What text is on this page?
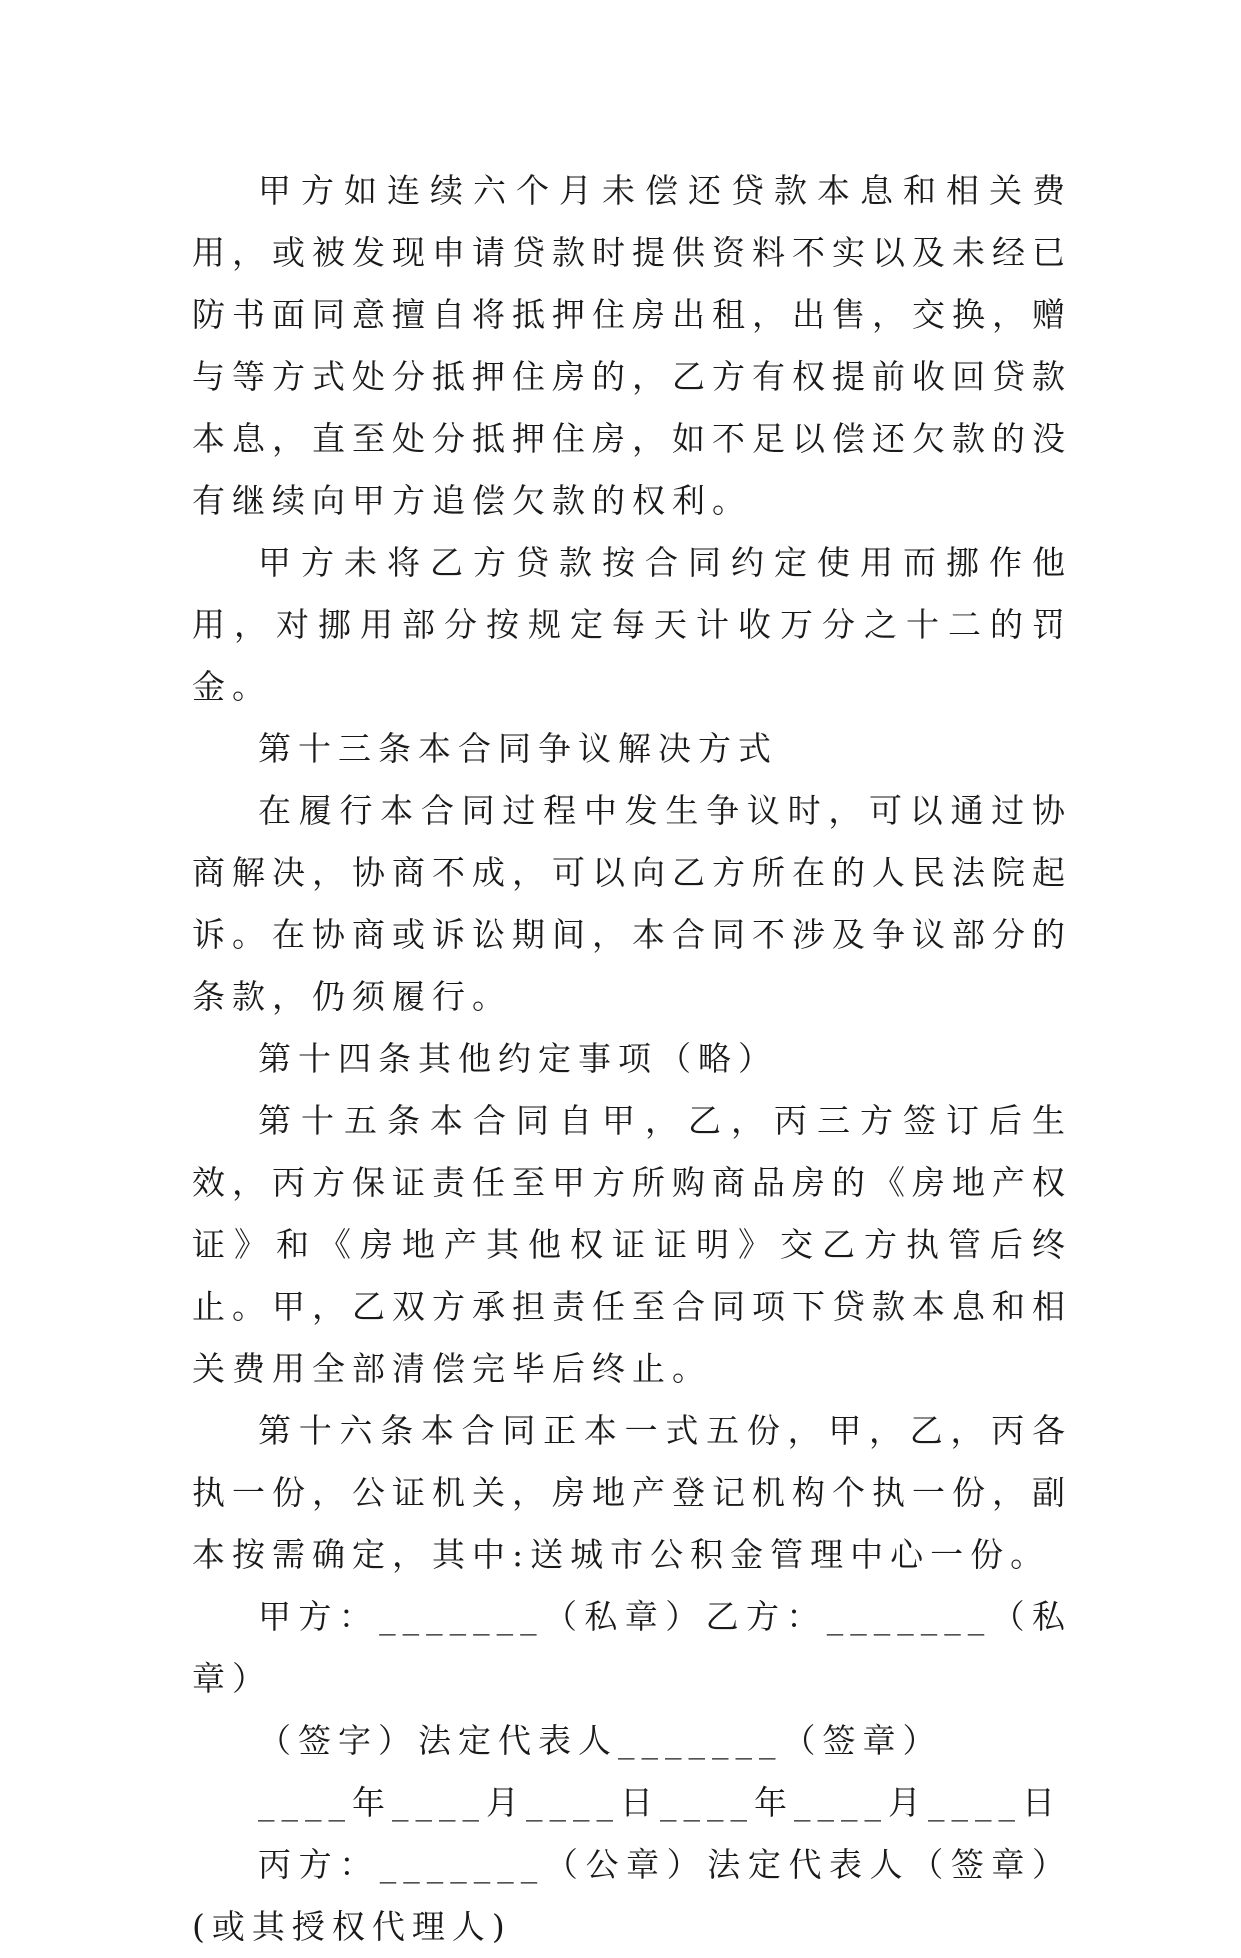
甲方如连续六个月未偿还贷款本息和相关费用，或被发现申请贷款时提供资料不实以及未经已防书面同意擅自将抵押住房出租，出售，交换，赠与等方式处分抵押住房的，乙方有权提前收回贷款本息，直至处分抵押住房，如不足以偿还欠款的没有继续向甲方追偿欠款的权利。

甲方未将乙方贷款按合同约定使用而挪作他用，对挪用部分按规定每天计收万分之十二的罚金。

第十三条本合同争议解决方式

在履行本合同过程中发生争议时，可以通过协商解决，协商不成，可以向乙方所在的人民法院起诉。在协商或诉讼期间，本合同不涉及争议部分的条款，仍须履行。

第十四条其他约定事项（略）

第十五条本合同自甲，乙，丙三方签订后生效，丙方保证责任至甲方所购商品房的《房地产权证》和《房地产其他权证证明》交乙方执管后终止。甲，乙双方承担责任至合同项下贷款本息和相关费用全部清偿完毕后终止。

第十六条本合同正本一式五份，甲，乙，丙各执一份，公证机关，房地产登记机构个执一份，副本按需确定，其中:送城市公积金管理中心一份。

甲方：_______（私章）乙方：_______（私章）

（签字）法定代表人_______（签章）

____年____月____日____年____月____日

丙方：_______（公章）法定代表人（签章）(或其授权代理人)
